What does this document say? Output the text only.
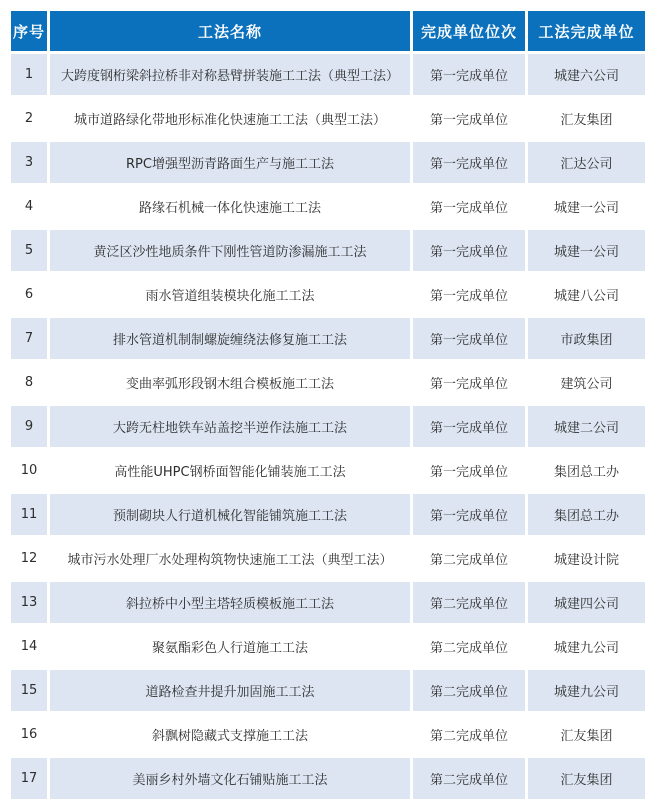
序号	工法名称	完成单位位次	工法完成单位
1	大跨度钢桁梁斜拉桥非对称悬臂拼装施工工法（典型工法）	第一完成单位	城建六公司
2	城市道路绿化带地形标准化快速施工工法（典型工法）	第一完成单位	汇友集团
3	RPC增强型沥青路面生产与施工工法	第一完成单位	汇达公司
4	路缘石机械一体化快速施工工法	第一完成单位	城建一公司
5	黄泛区沙性地质条件下刚性管道防渗漏施工工法	第一完成单位	城建一公司
6	雨水管道组装模块化施工工法	第一完成单位	城建八公司
7	排水管道机制制螺旋缠绕法修复施工工法	第一完成单位	市政集团
8	变曲率弧形段钢木组合模板施工工法	第一完成单位	建筑公司
9	大跨无柱地铁车站盖挖半逆作法施工工法	第一完成单位	城建二公司
10	高性能UHPC钢桥面智能化铺装施工工法	第一完成单位	集团总工办
11	预制砌块人行道机械化智能铺筑施工工法	第一完成单位	集团总工办
12	城市污水处理厂水处理构筑物快速施工工法（典型工法）	第二完成单位	城建设计院
13	斜拉桥中小型主塔轻质模板施工工法	第二完成单位	城建四公司
14	聚氨酯彩色人行道施工工法	第二完成单位	城建九公司
15	道路检查井提升加固施工工法	第二完成单位	城建九公司
16	斜飘树隐藏式支撑施工工法	第二完成单位	汇友集团
17	美丽乡村外墙文化石铺贴施工工法	第二完成单位	汇友集团
